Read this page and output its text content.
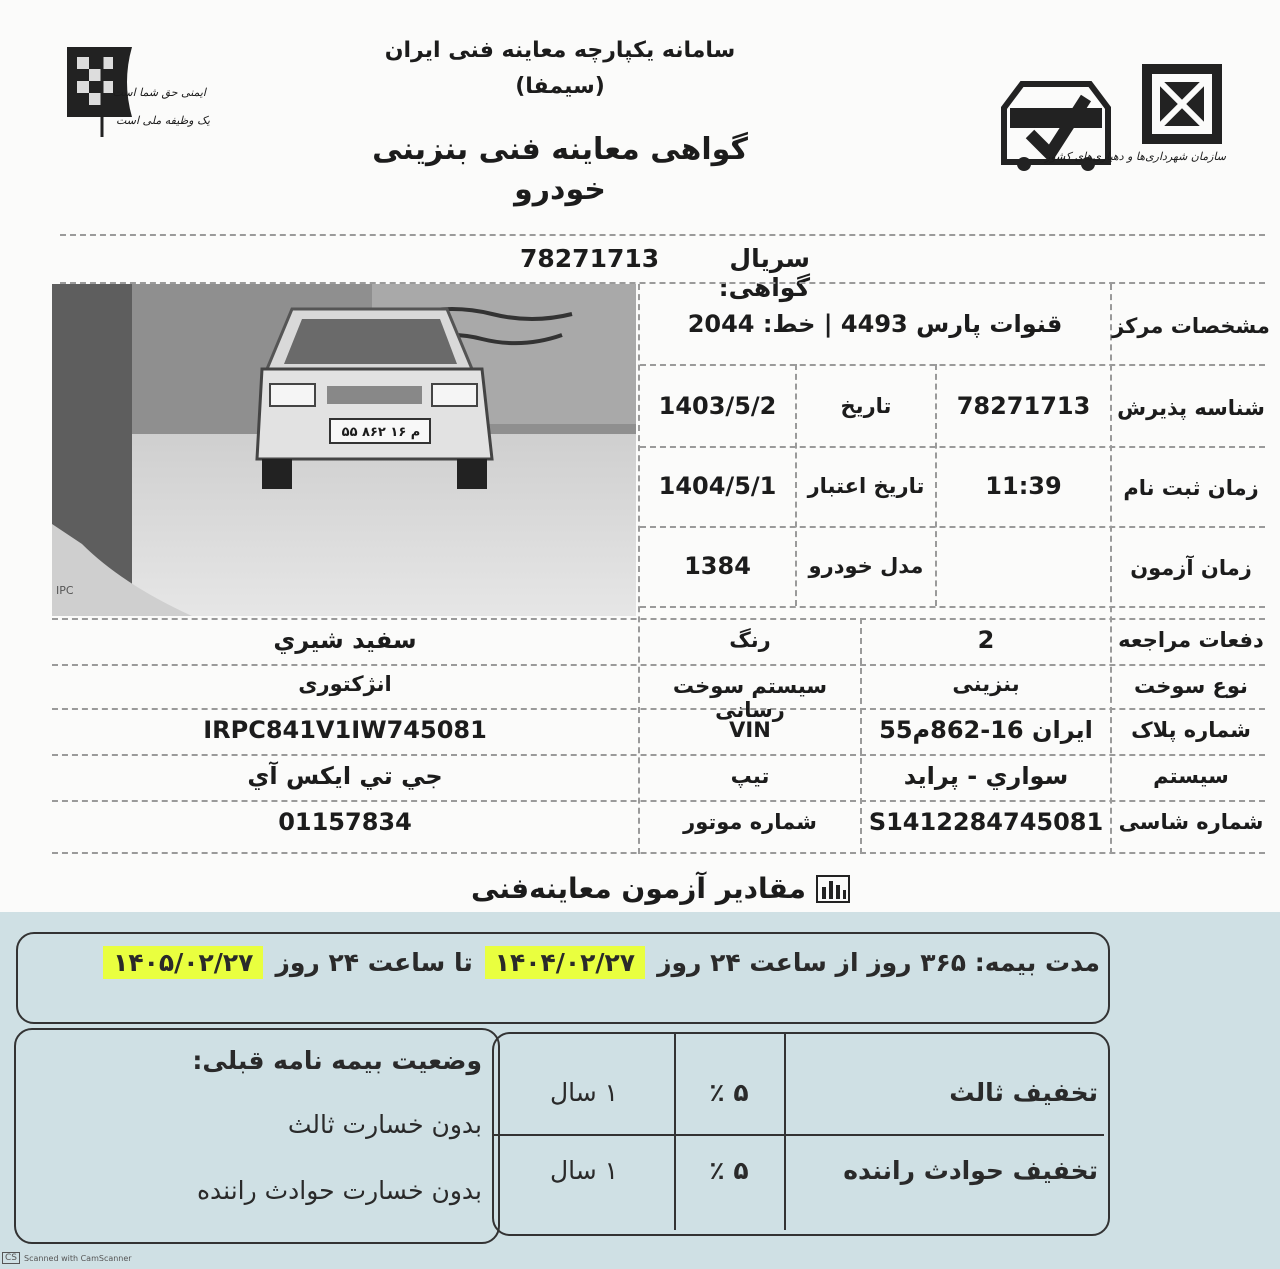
سامانه یکپارچه معاینه فنی ایران
(سیمفا)
گواهی معاینه فنی بنزینی
خودرو
ایمنی حق شما است
یک وظیفه ملی است
سازمان شهرداری‌ها و دهیاری‌های کشور
سریال گواهی:
78271713
۵۵ ۸۶۲ م ۱۶
IPC
مشخصات مرکز
قنوات پارس 4493 | خط: 2044
شناسه پذیرش
78271713
تاریخ
1403/5/2
زمان ثبت نام
11:39
تاریخ اعتبار
1404/5/1
زمان آزمون
مدل خودرو
1384
دفعات مراجعه
2
رنگ
سفید شیري
نوع سوخت
بنزینی
سیستم سوخت رسانی
انژکتوری
شماره پلاک
ایران 16-862م55
VIN
IRPC841V1IW745081
سیستم
سواري - پراید
تیپ
جي تي ایکس آي
شماره شاسی
S1412284745081
شماره موتور
01157834
مقادیر آزمون معاینه‌فنی
مدت بیمه: ۳۶۵ روز از ساعت ۲۴ روز
۱۴۰۴/۰۲/۲۷
تا ساعت ۲۴ روز
۱۴۰۵/۰۲/۲۷
وضعیت بیمه نامه قبلی:
بدون خسارت ثالث
بدون خسارت حوادث راننده
تخفیف ثالث
٪ ۵
۱ سال
تخفیف حوادث راننده
٪ ۵
۱ سال
CS Scanned with CamScanner
